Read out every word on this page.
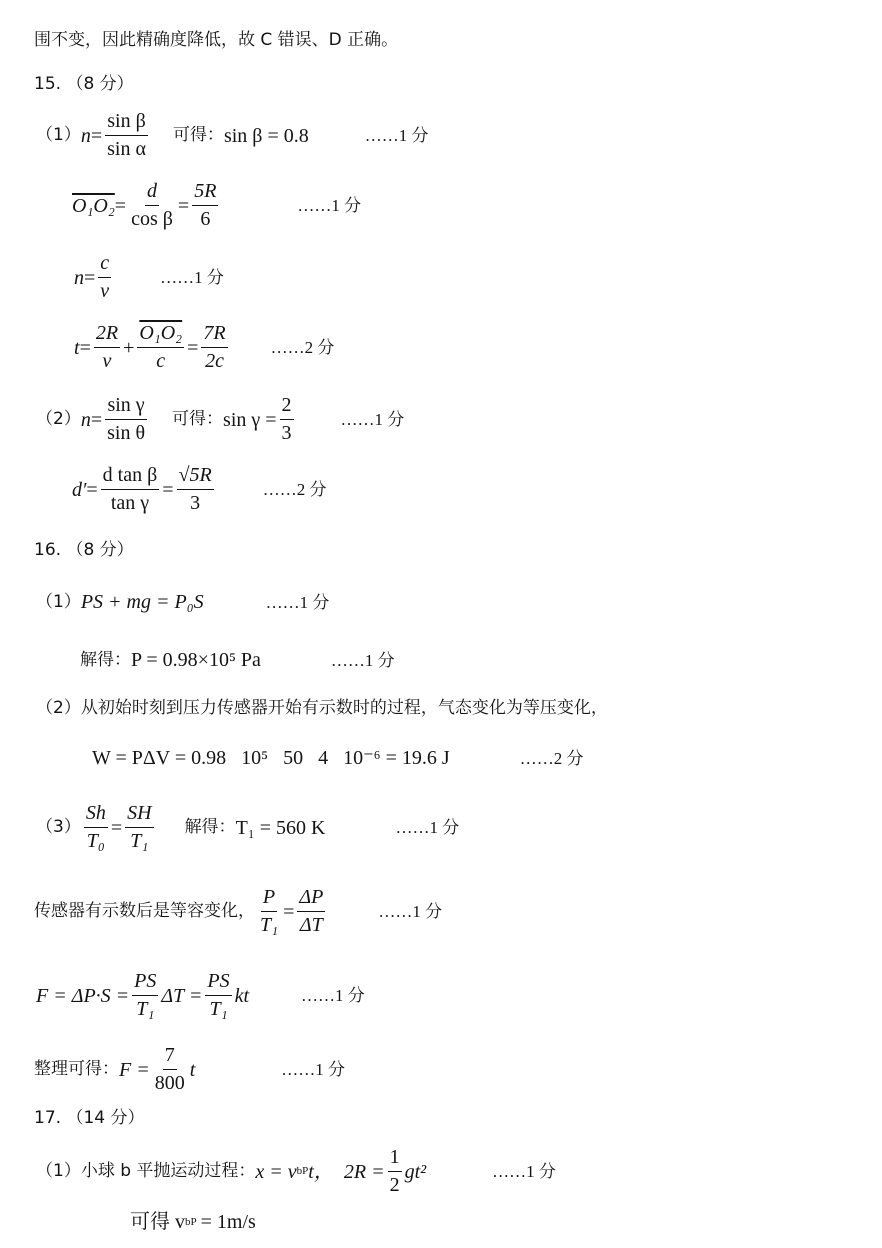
围不变，因此精确度降低，故 C 错误、D 正确。
15. （8 分）
（1） $n = \frac{\text{sin β}}{\text{sin α}}$ 可得： sin β = 0.8	……1 分
$O_1O_2 = \frac{d}{\text{cos β}} = \frac{5R}{6}$	……1 分
$n = \frac{c}{v}$	……1 分
$t = \frac{2R}{v} + \frac{\text{O₁O₂}}{c} = \frac{7R}{2c}$	……2 分
（2） $n = \frac{\text{sin γ}}{\text{sin θ}}$ 可得： $\sin \gamma = \frac{2}{3}$	……1 分
$d' = \frac{\text{d tan β}}{\text{tan γ}} = \frac{√5R}{3}$	……2 分
16. （8 分）
（1） PS + mg = P₀S	……1 分
解得： P = 0.98×10⁵ Pa	……1 分
（2）从初始时刻到压力传感器开始有示数时的过程，气态变化为等压变化，
W = PΔV = 0.98   10⁵   50   4   10⁻⁶ = 19.6 J	……2 分
$(3) \frac{Sh}{\text{T₀}} = \frac{SH}{\text{T₁}}$ 解得： T₁ = 560 K	……1 分
传感器有示数后是等容变化， $\frac{P}{\text{T₁}} = \frac{\Delta P}{\Delta T}$	……1 分
$F = \Delta P\cdot S = \frac{PS}{\text{T₁}}$ $\Delta T = \frac{PS}{\text{T₁}}$ kt	……1 分
整理可得： $F = \frac{7}{800}$ t	……1 分
17. （14 分）
（1）小球 b 平抛运动过程： x = v bP t， $2R = \frac{1}{2} gt^2$	……1 分
可得 v bP = 1m/s
